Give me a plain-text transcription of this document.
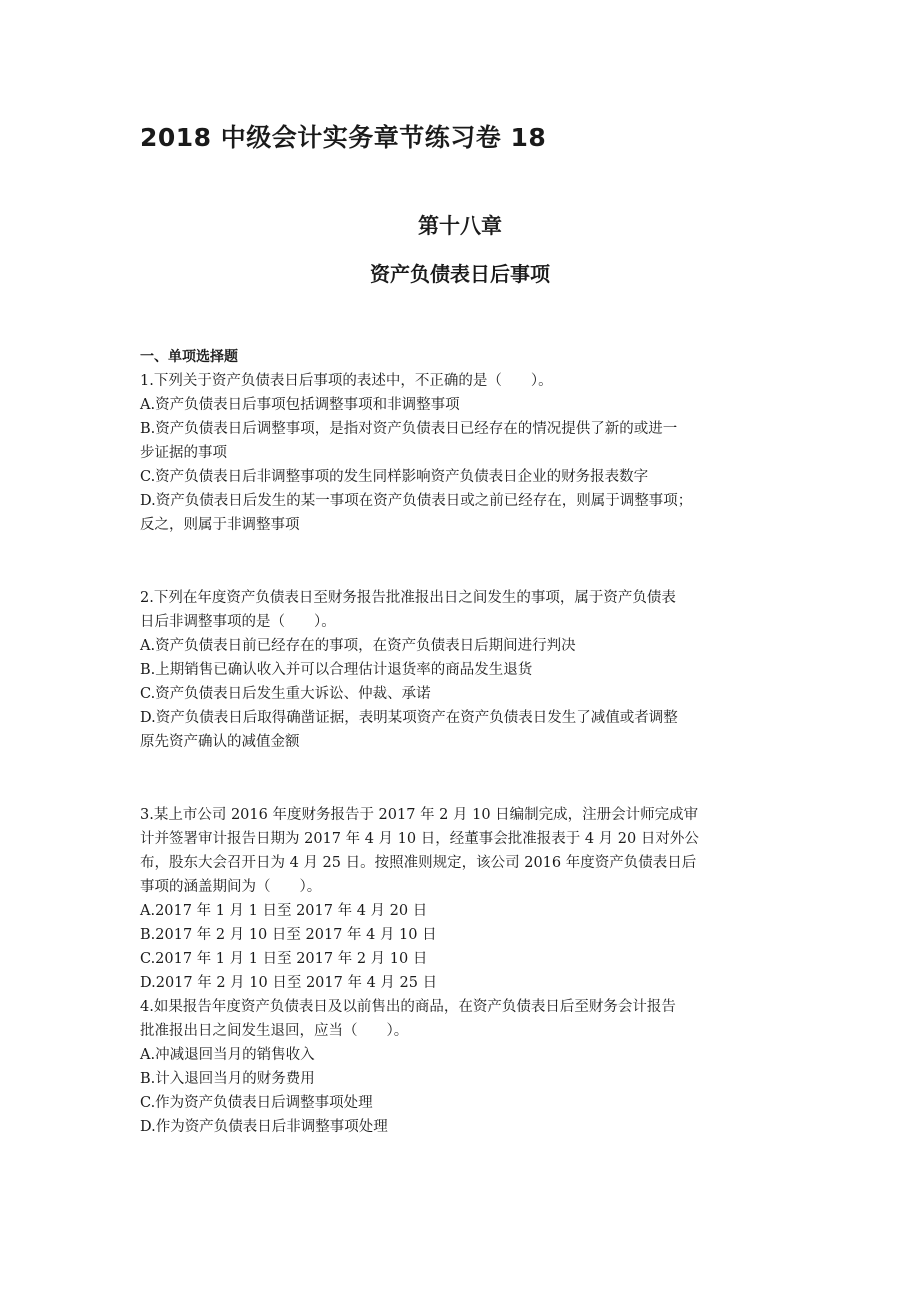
2018 中级会计实务章节练习卷 18
第十八章
资产负债表日后事项
一、单项选择题

1.下列关于资产负债表日后事项的表述中，不正确的是（　　）。

A.资产负债表日后事项包括调整事项和非调整事项

B.资产负债表日后调整事项，是指对资产负债表日已经存在的情况提供了新的或进一

步证据的事项

C.资产负债表日后非调整事项的发生同样影响资产负债表日企业的财务报表数字

D.资产负债表日后发生的某一事项在资产负债表日或之前已经存在，则属于调整事项；

反之，则属于非调整事项

2.下列在年度资产负债表日至财务报告批准报出日之间发生的事项，属于资产负债表

日后非调整事项的是（　　）。

A.资产负债表日前已经存在的事项，在资产负债表日后期间进行判决

B.上期销售已确认收入并可以合理估计退货率的商品发生退货

C.资产负债表日后发生重大诉讼、仲裁、承诺

D.资产负债表日后取得确凿证据，表明某项资产在资产负债表日发生了减值或者调整

原先资产确认的减值金额

3.某上市公司 2016 年度财务报告于 2017 年 2 月 10 日编制完成，注册会计师完成审

计并签署审计报告日期为 2017 年 4 月 10 日，经董事会批准报表于 4 月 20 日对外公

布，股东大会召开日为 4 月 25 日。按照准则规定，该公司 2016 年度资产负债表日后

事项的涵盖期间为（　　）。

A.2017 年 1 月 1 日至 2017 年 4 月 20 日

B.2017 年 2 月 10 日至 2017 年 4 月 10 日

C.2017 年 1 月 1 日至 2017 年 2 月 10 日

D.2017 年 2 月 10 日至 2017 年 4 月 25 日

4.如果报告年度资产负债表日及以前售出的商品，在资产负债表日后至财务会计报告

批准报出日之间发生退回，应当（　　）。

A.冲减退回当月的销售收入

B.计入退回当月的财务费用

C.作为资产负债表日后调整事项处理

D.作为资产负债表日后非调整事项处理
